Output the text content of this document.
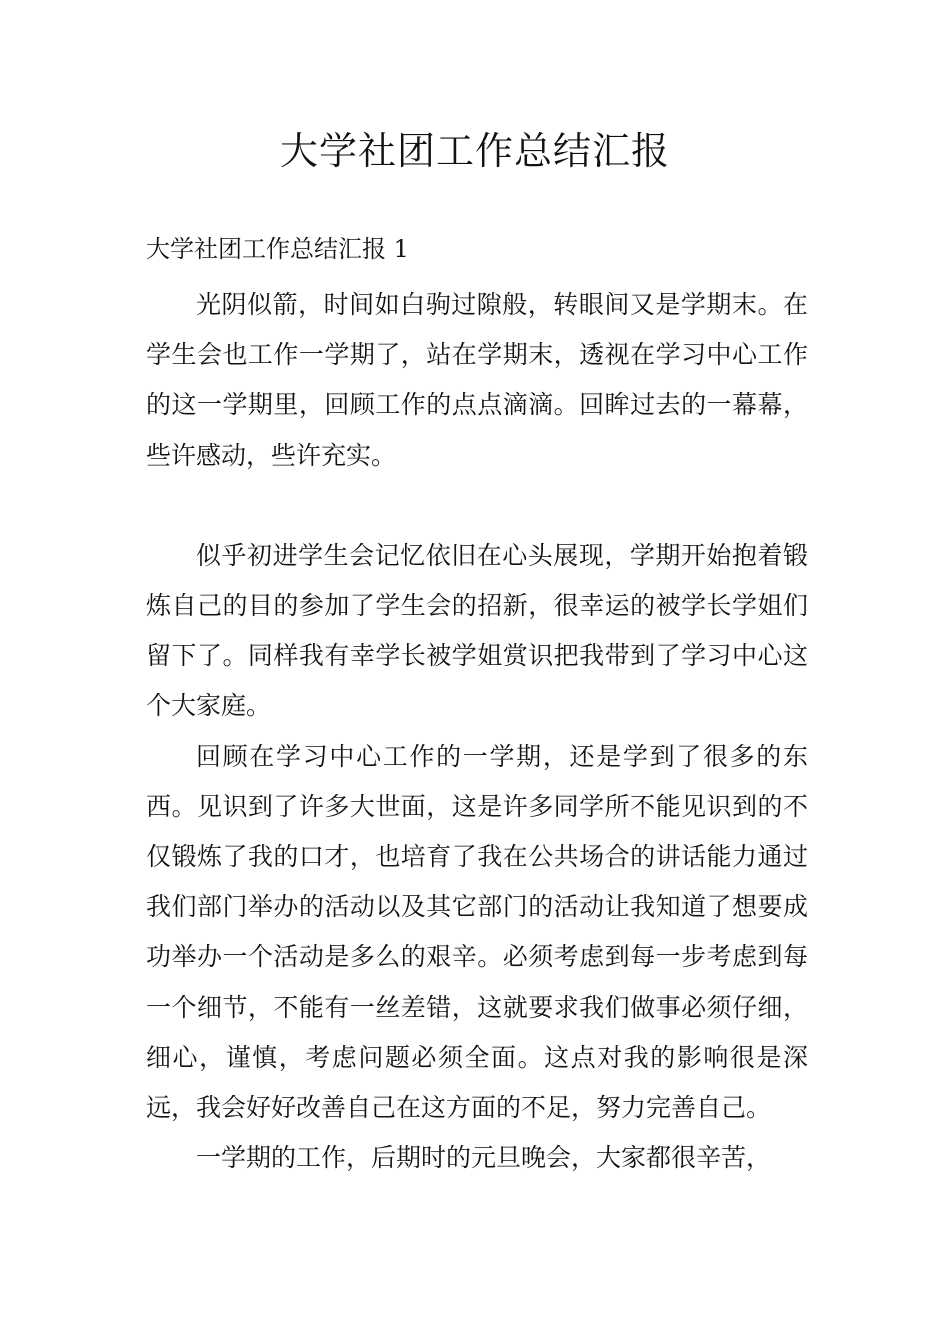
大学社团工作总结汇报

大学社团工作总结汇报 1

光阴似箭，时间如白驹过隙般，转眼间又是学期末。在学生会也工作一学期了，站在学期末，透视在学习中心工作的这一学期里，回顾工作的点点滴滴。回眸过去的一幕幕，些许感动，些许充实。

似乎初进学生会记忆依旧在心头展现，学期开始抱着锻炼自己的目的参加了学生会的招新，很幸运的被学长学姐们留下了。同样我有幸学长被学姐赏识把我带到了学习中心这个大家庭。

回顾在学习中心工作的一学期，还是学到了很多的东西。见识到了许多大世面，这是许多同学所不能见识到的不仅锻炼了我的口才，也培育了我在公共场合的讲话能力通过我们部门举办的活动以及其它部门的活动让我知道了想要成功举办一个活动是多么的艰辛。必须考虑到每一步考虑到每一个细节，不能有一丝差错，这就要求我们做事必须仔细，细心，谨慎，考虑问题必须全面。这点对我的影响很是深远，我会好好改善自己在这方面的不足，努力完善自己。

一学期的工作，后期时的元旦晚会，大家都很辛苦，
